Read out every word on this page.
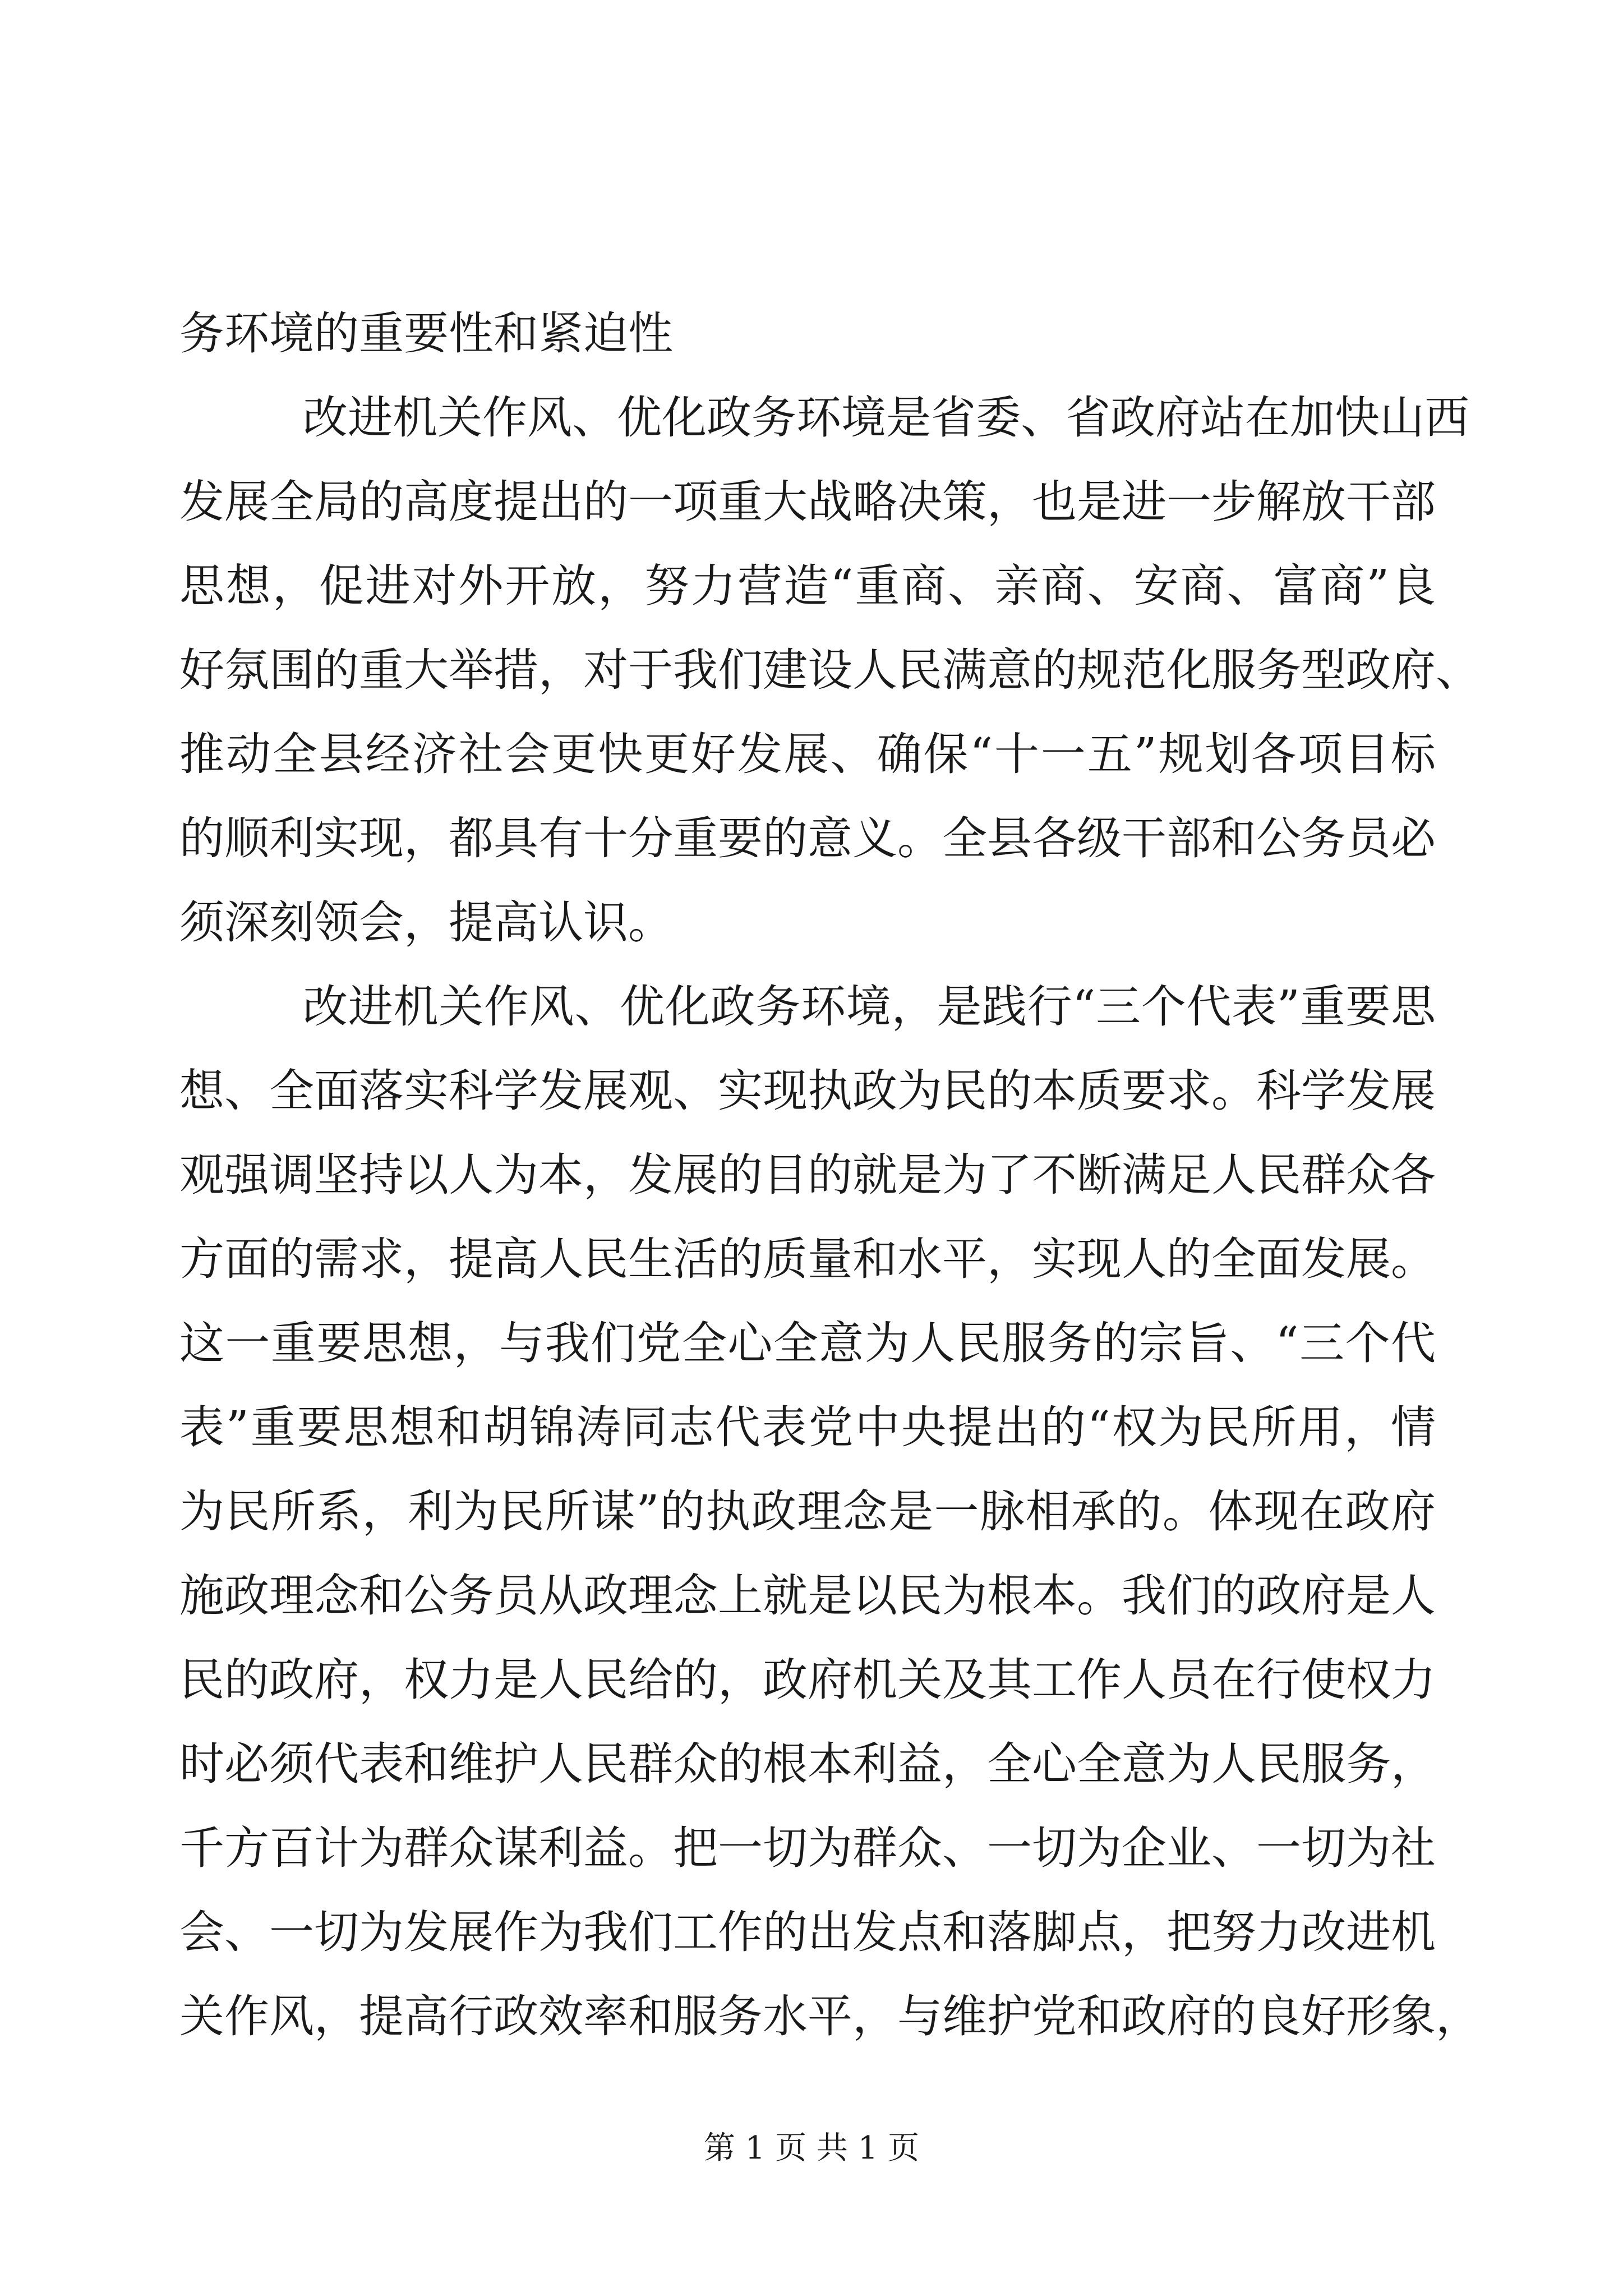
务环境的重要性和紧迫性
改进机关作风、优化政务环境是省委、省政府站在加快山西
发展全局的高度提出的一项重大战略决策，也是进一步解放干部
思想，促进对外开放，努力营造“重商、亲商、安商、富商”良
好氛围的重大举措，对于我们建设人民满意的规范化服务型政府、
推动全县经济社会更快更好发展、确保“十一五”规划各项目标
的顺利实现，都具有十分重要的意义。全县各级干部和公务员必
须深刻领会，提高认识。
改进机关作风、优化政务环境，是践行“三个代表”重要思
想、全面落实科学发展观、实现执政为民的本质要求。科学发展
观强调坚持以人为本，发展的目的就是为了不断满足人民群众各
方面的需求，提高人民生活的质量和水平，实现人的全面发展。
这一重要思想，与我们党全心全意为人民服务的宗旨、“三个代
表”重要思想和胡锦涛同志代表党中央提出的“权为民所用，情
为民所系，利为民所谋”的执政理念是一脉相承的。体现在政府
施政理念和公务员从政理念上就是以民为根本。我们的政府是人
民的政府，权力是人民给的，政府机关及其工作人员在行使权力
时必须代表和维护人民群众的根本利益，全心全意为人民服务，
千方百计为群众谋利益。把一切为群众、一切为企业、一切为社
会、一切为发展作为我们工作的出发点和落脚点，把努力改进机
关作风，提高行政效率和服务水平，与维护党和政府的良好形象，
第 1 页 共 1 页
